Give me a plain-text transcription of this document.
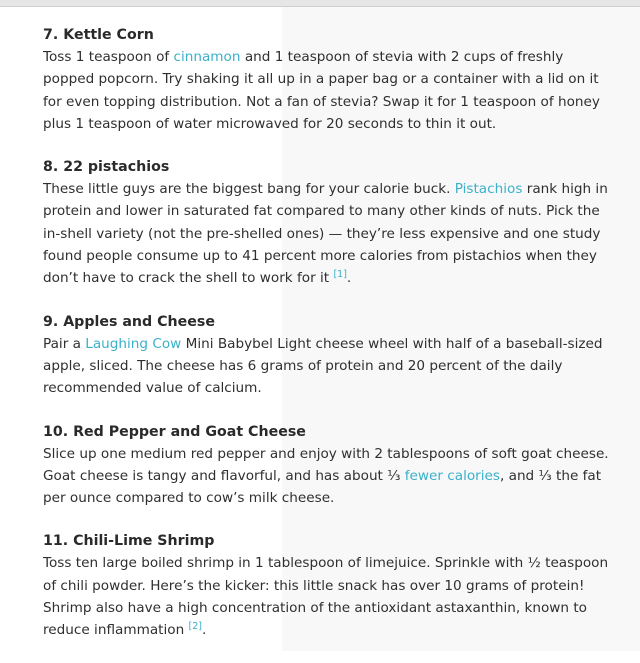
7. Kettle Corn

Toss 1 teaspoon of cinnamon and 1 teaspoon of stevia with 2 cups of freshly popped popcorn. Try shaking it all up in a paper bag or a container with a lid on it for even topping distribution. Not a fan of stevia? Swap it for 1 teaspoon of honey plus 1 teaspoon of water microwaved for 20 seconds to thin it out.

8. 22 pistachios

These little guys are the biggest bang for your calorie buck. Pistachios rank high in protein and lower in saturated fat compared to many other kinds of nuts. Pick the in-shell variety (not the pre-shelled ones) — they’re less expensive and one study found people consume up to 41 percent more calories from pistachios when they don’t have to crack the shell to work for it [1].

9. Apples and Cheese

Pair a Laughing Cow Mini Babybel Light cheese wheel with half of a baseball-sized apple, sliced. The cheese has 6 grams of protein and 20 percent of the daily recommended value of calcium.

10. Red Pepper and Goat Cheese

Slice up one medium red pepper and enjoy with 2 tablespoons of soft goat cheese. Goat cheese is tangy and flavorful, and has about ⅓ fewer calories, and ⅓ the fat per ounce compared to cow’s milk cheese.

11. Chili-Lime Shrimp

Toss ten large boiled shrimp in 1 tablespoon of limejuice. Sprinkle with ½ teaspoon of chili powder. Here’s the kicker: this little snack has over 10 grams of protein! Shrimp also have a high concentration of the antioxidant astaxanthin, known to reduce inflammation [2].
